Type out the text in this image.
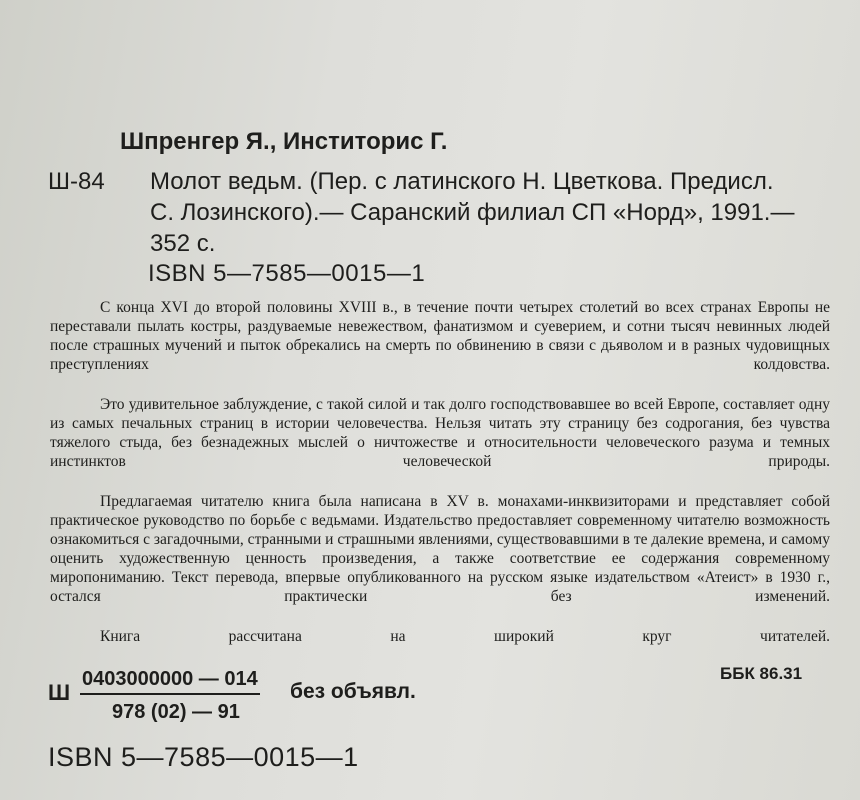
Шпренгер Я., Инститорис Г.
Ш-84 Молот ведьм. (Пер. с латинского Н. Цветкова. Предисл.
С. Лозинского).— Саранский филиал СП «Норд», 1991.—
352 с.
ISBN 5—7585—0015—1

С конца XVI до второй половины XVIII в., в течение почти четырех столетий во всех странах Европы не переставали пылать костры, раздуваемые невежеством, фанатизмом и суеверием, и сотни тысяч невинных людей после страшных мучений и пыток обрекались на смерть по обвинению в связи с дьяволом и в разных чудовищных преступлениях колдовства.

Это удивительное заблуждение, с такой силой и так долго господствовавшее во всей Европе, составляет одну из самых печальных страниц в истории человечества. Нельзя читать эту страницу без содрогания, без чувства тяжелого стыда, без безнадежных мыслей о ничтожестве и относительности человеческого разума и темных инстинктов человеческой природы.

Предлагаемая читателю книга была написана в XV в. монахами-инквизиторами и представляет собой практическое руководство по борьбе с ведьмами. Издательство предоставляет современному читателю возможность ознакомиться с загадочными, странными и страшными явлениями, существовавшими в те далекие времена, и самому оценить художественную ценность произведения, а также соответствие ее содержания современному миропониманию. Текст перевода, впервые опубликованного на русском языке издательством «Атеист» в 1930 г., остался практически без изменений.

Книга рассчитана на широкий круг читателей.

Ш $\frac{0403000000 — 014}{978 (02) — 91}$ без объявл.
ББК 86.31
ISBN 5—7585—0015—1
